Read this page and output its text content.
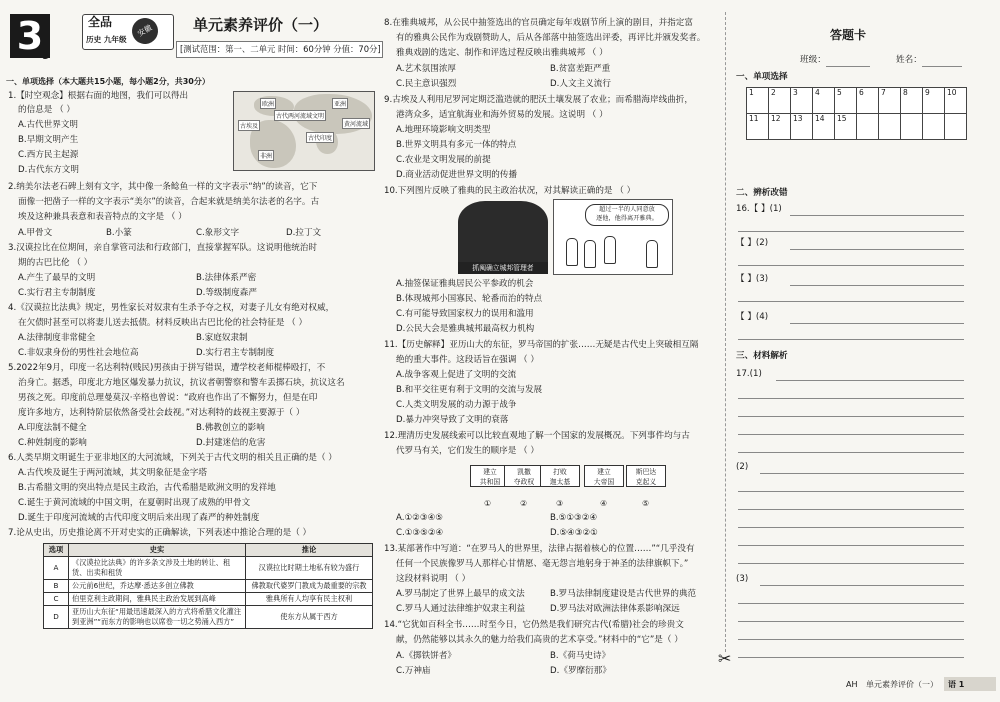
3
3
全品
历史 九年级
安徽	单元素养评价（一）
[测试范围：第一、二单元 时间：60分钟 分值：70分]
一、单项选择（本大题共15小题，每小题2分，共30分）
1.【时空观念】根据右面的地图，我们可以得出
的信息是 （ ）
A.古代世界文明
B.早期文明产生
C.西方民主起源
D.古代东方文明
欧洲	亚洲
古埃及
古代两河流域文明
古代印度
黄河流域
非洲
2.纳美尔法老石碑上刻有文字，其中像一条鲶鱼一样的文字表示“纳”的读音，它下
面像一把凿子一样的文字表示“美尔”的读音，合起来就是纳美尔法老的名字。古
埃及这种兼具表意和表音特点的文字是 （ ）
A.甲骨文	B.小篆	C.象形文字	D.拉丁文
3.汉谟拉比在位期间，亲自掌管司法和行政部门，直接掌握军队。这说明他统治时
期的古巴比伦 （ ）
A.产生了最早的文明	B.法律体系严密
C.实行君主专制制度	D.等级制度森严
4.《汉谟拉比法典》规定，男性家长对奴隶有生杀予夺之权，对妻子儿女有绝对权威，
在欠债时甚至可以将妻儿送去抵债。材料反映出古巴比伦的社会特征是 （ ）
A.法律制度非常健全	B.家庭奴隶制
C.非奴隶身份的男性社会地位高	D.实行君主专制制度
5.2022年9月，印度一名达利特(贱民)男孩由于拼写错误，遭学校老师棍棒殴打，不
治身亡。据悉，印度北方地区爆发暴力抗议，抗议者朝警察和警车丢掷石块，抗议这名
男孩之死。印度前总理曼莫汉·辛格也曾说：“政府也作出了不懈努力，但是在印
度许多地方，达利特阶层依然备受社会歧视。”对达利特的歧视主要源于（ ）
A.印度法制不健全	B.佛教创立的影响
C.种姓制度的影响	D.封建迷信的危害
6.人类早期文明诞生于亚非地区的大河流域，下列关于古代文明的相关且正确的是（ ）
A.古代埃及诞生于两河流域，其文明象征是金字塔
B.古希腊文明的突出特点是民主政治，古代希腊是欧洲文明的发祥地
C.诞生于黄河流域的中国文明，在夏朝时出现了成熟的甲骨文
D.诞生于印度河流域的古代印度文明后来出现了森严的种姓制度
7.论从史出，历史推论离不开对史实的正确解读，下列表述中推论合理的是（ ）
选项	史实	推论
A	《汉谟拉比法典》的许多条文涉及土地的转让、租赁、出卖和租赁	汉谟拉比时期土地私有较为盛行
B	公元前6世纪，乔达摩·悉达多创立佛教	佛教取代婆罗门教成为最重要的宗教
C	伯里克利主政期间，雅典民主政治发展到高峰	雅典所有人均享有民主权利
D	亚历山大东征“用最迅速最深入的方式将希腊文化灌注到亚洲”“而东方的影响也以席卷一切之势涌入西方”	使东方从属于西方
8.在雅典城邦，从公民中抽签选出的官员确定每年戏剧节所上演的剧目，并指定富
有的雅典公民作为戏剧赞助人，后从各部落中抽签选出评委，再评比并颁发奖者。
雅典戏剧的选定、制作和评选过程反映出雅典城邦 （ ）
A.艺术氛围浓厚	B.贫富差距严重
C.民主意识强烈	D.人文主义流行
9.古埃及人利用尼罗河定期泛滥造就的肥沃土壤发展了农业；而希腊海岸线曲折，
港湾众多，适宜航海业和海外贸易的发展。这说明 （ ）
A.地理环境影响文明类型
B.世界文明具有多元一体的特点
C.农业是文明发展的前提
D.商业活动促进世界文明的传播
10.下列图片反映了雅典的民主政治状况，对其解读正确的是 （ ）
抓阄确立城邦管理者
超过一半的人同意放
逐他，他得离开雅典。
A.抽签保证雅典居民公平参政的机会
B.体现城邦小国寡民、轮番而治的特点
C.有可能导致国家权力的误用和滥用
D.公民大会是雅典城邦最高权力机构
11.【历史解释】亚历山大的东征，罗马帝国的扩张……无疑是古代史上突破相互隔
绝的重大事件。这段话旨在强调 （ ）
A.战争客观上促进了文明的交流
B.和平交往更有利于文明的交流与发展
C.人类文明发展的动力源于战争
D.暴力冲突导致了文明的衰落
12.理清历史发展线索可以比较直观地了解一个国家的发展概况。下列事件均与古
代罗马有关，它们发生的顺序是 （ ）
建立
共和国
凯撒
夺政权
打败
迦太基
建立
大帝国
斯巴达
克起义
①	②	③	④	⑤
A.①②③④⑤	B.⑤①③②④
C.①③⑤②④	D.⑤④③②①
13.某部著作中写道：“在罗马人的世界里，法律占据着核心的位置……”“几乎没有
任何一个民族像罗马人那样心甘情愿、毫无怨言地躬身于神圣的法律旗帜下。”
这段材料说明 （ ）
A.罗马制定了世界上最早的成文法	B.罗马法律制度建设是古代世界的典范
C.罗马人通过法律维护奴隶主利益	D.罗马法对欧洲法律体系影响深远
14.“它犹如百科全书……时至今日，它仍然是我们研究古代(希腊)社会的珍贵文
献，仍然能够以其永久的魅力给我们高贵的艺术享受。”材料中的“它”是（ ）
A.《掷铁饼者》	B.《荷马史诗》
C.万神庙	D.《罗摩衍那》
✂
答题卡
班级：	姓名：
一、单项选择
1	2	3	4	5	6	7	8	9	10
11	12	13	14	15					
二、辨析改错
16.【 】(1)
【 】(2)
【 】(3)
【 】(4)
三、材料解析
17.(1)
(2)
(3)
AH 单元素养评价（一） 语 1
